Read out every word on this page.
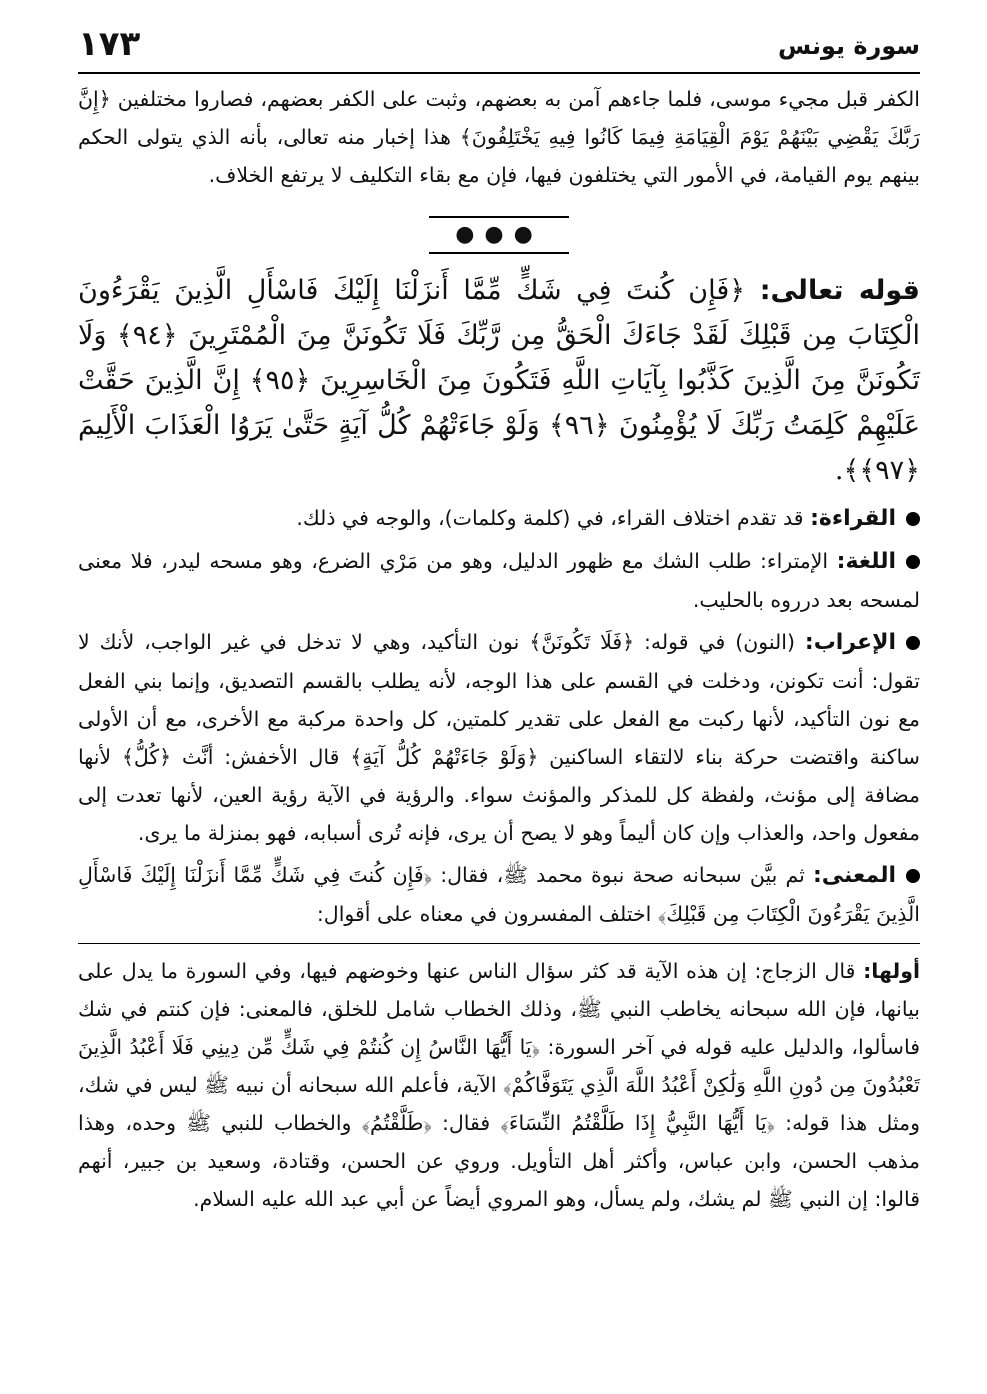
١٧٣	سورة يونس

الكفر قبل مجيء موسى، فلما جاءهم آمن به بعضهم، وثبت على الكفر بعضهم، فصاروا مختلفين ﴿إِنَّ رَبَّكَ يَقْضِي بَيْنَهُمْ يَوْمَ الْقِيَامَةِ فِيمَا كَانُوا فِيهِ يَخْتَلِفُونَ﴾ هذا إخبار منه تعالى، بأنه الذي يتولى الحكم بينهم يوم القيامة، في الأمور التي يختلفون فيها، فإن مع بقاء التكليف لا يرتفع الخلاف.

●●●
قوله تعالى: ﴿فَإِن كُنتَ فِي شَكٍّ مِّمَّا أَنزَلْنَا إِلَيْكَ فَاسْأَلِ الَّذِينَ يَقْرَءُونَ الْكِتَابَ مِن قَبْلِكَ لَقَدْ جَاءَكَ الْحَقُّ مِن رَّبِّكَ فَلَا تَكُونَنَّ مِنَ الْمُمْتَرِينَ ﴿٩٤﴾ وَلَا تَكُونَنَّ مِنَ الَّذِينَ كَذَّبُوا بِآيَاتِ اللَّهِ فَتَكُونَ مِنَ الْخَاسِرِينَ ﴿٩٥﴾ إِنَّ الَّذِينَ حَقَّتْ عَلَيْهِمْ كَلِمَتُ رَبِّكَ لَا يُؤْمِنُونَ ﴿٩٦﴾ وَلَوْ جَاءَتْهُمْ كُلُّ آيَةٍ حَتَّىٰ يَرَوُا الْعَذَابَ الْأَلِيمَ ﴿٩٧﴾﴾.
القراءة: قد تقدم اختلاف القراء، في (كلمة وكلمات)، والوجه في ذلك.
اللغة: الإمتراء: طلب الشك مع ظهور الدليل، وهو من مَرْي الضرع، وهو مسحه ليدر، فلا معنى لمسحه بعد درروه بالحليب.
الإعراب: (النون) في قوله: ﴿فَلَا تَكُونَنَّ﴾ نون التأكيد، وهي لا تدخل في غير الواجب، لأنك لا تقول: أنت تكونن، ودخلت في القسم على هذا الوجه، لأنه يطلب بالقسم التصديق، وإنما بني الفعل مع نون التأكيد، لأنها ركبت مع الفعل على تقدير كلمتين، كل واحدة مركبة مع الأخرى، مع أن الأولى ساكنة واقتضت حركة بناء لالتقاء الساكنين ﴿وَلَوْ جَاءَتْهُمْ كُلُّ آيَةٍ﴾ قال الأخفش: أنَّث ﴿كُلُّ﴾ لأنها مضافة إلى مؤنث، ولفظة كل للمذكر والمؤنث سواء. والرؤية في الآية رؤية العين، لأنها تعدت إلى مفعول واحد، والعذاب وإن كان أليماً وهو لا يصح أن يرى، فإنه تُرى أسبابه، فهو بمنزلة ما يرى.
المعنى: ثم بيَّن سبحانه صحة نبوة محمد ﷺ، فقال: ﴿فَإِن كُنتَ فِي شَكٍّ مِّمَّا أَنزَلْنَا إِلَيْكَ فَاسْأَلِ الَّذِينَ يَقْرَءُونَ الْكِتَابَ مِن قَبْلِكَ﴾ اختلف المفسرون في معناه على أقوال:
أولها: قال الزجاج: إن هذه الآية قد كثر سؤال الناس عنها وخوضهم فيها، وفي السورة ما يدل على بيانها، فإن الله سبحانه يخاطب النبي ﷺ، وذلك الخطاب شامل للخلق، فالمعنى: فإن كنتم في شك فاسألوا، والدليل عليه قوله في آخر السورة: ﴿يَا أَيُّهَا النَّاسُ إِن كُنتُمْ فِي شَكٍّ مِّن دِينِي فَلَا أَعْبُدُ الَّذِينَ تَعْبُدُونَ مِن دُونِ اللَّهِ وَلَٰكِنْ أَعْبُدُ اللَّهَ الَّذِي يَتَوَفَّاكُمْ﴾ الآية، فأعلم الله سبحانه أن نبيه ﷺ ليس في شك، ومثل هذا قوله: ﴿يَا أَيُّهَا النَّبِيُّ إِذَا طَلَّقْتُمُ النِّسَاءَ﴾ فقال: ﴿طَلَّقْتُمُ﴾ والخطاب للنبي ﷺ وحده، وهذا مذهب الحسن، وابن عباس، وأكثر أهل التأويل. وروي عن الحسن، وقتادة، وسعيد بن جبير، أنهم قالوا: إن النبي ﷺ لم يشك، ولم يسأل، وهو المروي أيضاً عن أبي عبد الله عليه السلام.
